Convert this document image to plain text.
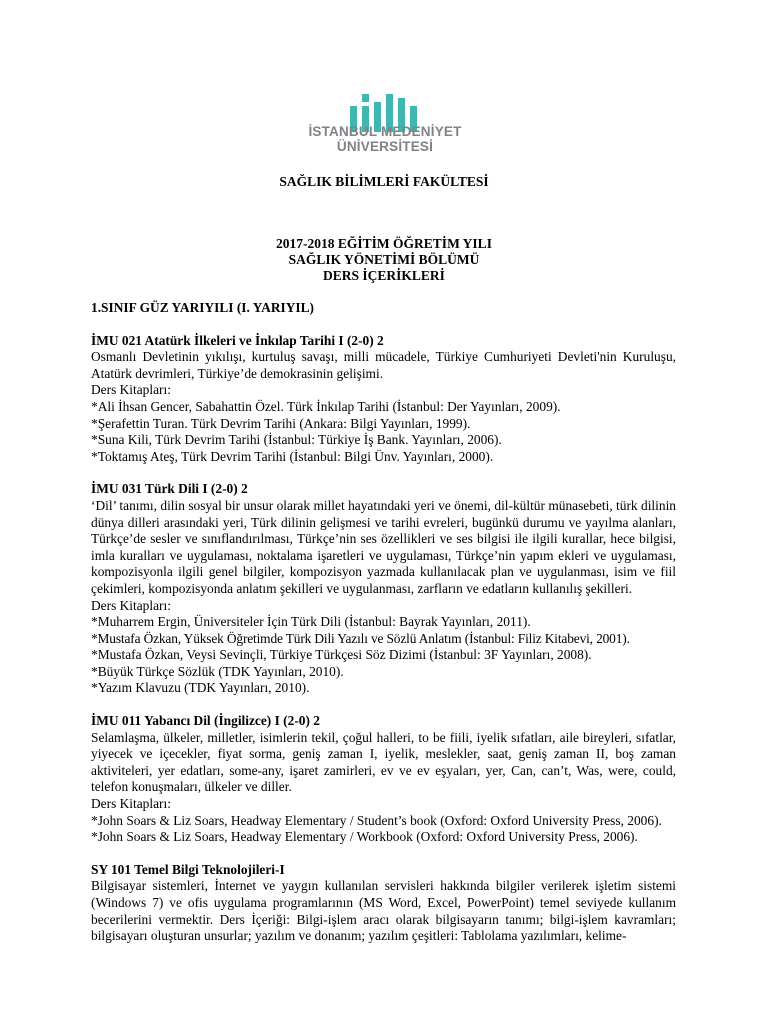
İSTANBUL MEDENİYET
ÜNİVERSİTESİ
SAĞLIK BİLİMLERİ FAKÜLTESİ
2017-2018 EĞİTİM ÖĞRETİM YILI
SAĞLIK YÖNETİMİ BÖLÜMÜ
DERS İÇERİKLERİ

1.SINIF GÜZ YARIYILI (I. YARIYIL)

İMU 021 Atatürk İlkeleri ve İnkılap Tarihi I (2-0) 2

Osmanlı Devletinin yıkılışı, kurtuluş savaşı, milli mücadele, Türkiye Cumhuriyeti Devleti'nin Kuruluşu, Atatürk devrimleri, Türkiye’de demokrasinin gelişimi.

Ders Kitapları:

*Ali İhsan Gencer, Sabahattin Özel. Türk İnkılap Tarihi (İstanbul: Der Yayınları, 2009).

*Şerafettin Turan. Türk Devrim Tarihi (Ankara: Bilgi Yayınları, 1999).

*Suna Kili, Türk Devrim Tarihi (İstanbul: Türkiye İş Bank. Yayınları, 2006).

*Toktamış Ateş, Türk Devrim Tarihi (İstanbul: Bilgi Ünv. Yayınları, 2000).

İMU 031 Türk Dili I (2-0) 2

‘Dil’ tanımı, dilin sosyal bir unsur olarak millet hayatındaki yeri ve önemi, dil-kültür münasebeti, türk dilinin dünya dilleri arasındaki yeri, Türk dilinin gelişmesi ve tarihi evreleri, bugünkü durumu ve yayılma alanları, Türkçe’de sesler ve sınıflandırılması, Türkçe’nin ses özellikleri ve ses bilgisi ile ilgili kurallar, hece bilgisi, imla kuralları ve uygulaması, noktalama işaretleri ve uygulaması, Türkçe’nin yapım ekleri ve uygulaması, kompozisyonla ilgili genel bilgiler, kompozisyon yazmada kullanılacak plan ve uygulanması, isim ve fiil çekimleri, kompozisyonda anlatım şekilleri ve uygulanması, zarfların ve edatların kullanılış şekilleri.

Ders Kitapları:

*Muharrem Ergin, Üniversiteler İçin Türk Dili (İstanbul: Bayrak Yayınları, 2011).

*Mustafa Özkan, Yüksek Öğretimde Türk Dili Yazılı ve Sözlü Anlatım (İstanbul: Filiz Kitabevi, 2001).

*Mustafa Özkan, Veysi Sevinçli, Türkiye Türkçesi Söz Dizimi (İstanbul: 3F Yayınları, 2008).

*Büyük Türkçe Sözlük (TDK Yayınları, 2010).

*Yazım Klavuzu (TDK Yayınları, 2010).

İMU 011 Yabancı Dil (İngilizce) I (2-0) 2

Selamlaşma, ülkeler, milletler, isimlerin tekil, çoğul halleri, to be fiili, iyelik sıfatları, aile bireyleri, sıfatlar, yiyecek ve içecekler, fiyat sorma, geniş zaman I, iyelik, meslekler, saat, geniş zaman II, boş zaman aktiviteleri, yer edatları, some-any, işaret zamirleri, ev ve ev eşyaları, yer, Can, can’t, Was, were, could, telefon konuşmaları, ülkeler ve diller.

Ders Kitapları:

*John Soars & Liz Soars, Headway Elementary / Student’s book (Oxford: Oxford University Press, 2006).

*John Soars & Liz Soars, Headway Elementary / Workbook (Oxford: Oxford University Press, 2006).

SY 101 Temel Bilgi Teknolojileri-I

Bilgisayar sistemleri, İnternet ve yaygın kullanılan servisleri hakkında bilgiler verilerek işletim sistemi (Windows 7) ve ofis uygulama programlarının (MS Word, Excel, PowerPoint) temel seviyede kullanım becerilerini vermektir. Ders İçeriği: Bilgi-işlem aracı olarak bilgisayarın tanımı; bilgi-işlem kavramları; bilgisayarı oluşturan unsurlar; yazılım ve donanım; yazılım çeşitleri: Tablolama yazılımları, kelime-
